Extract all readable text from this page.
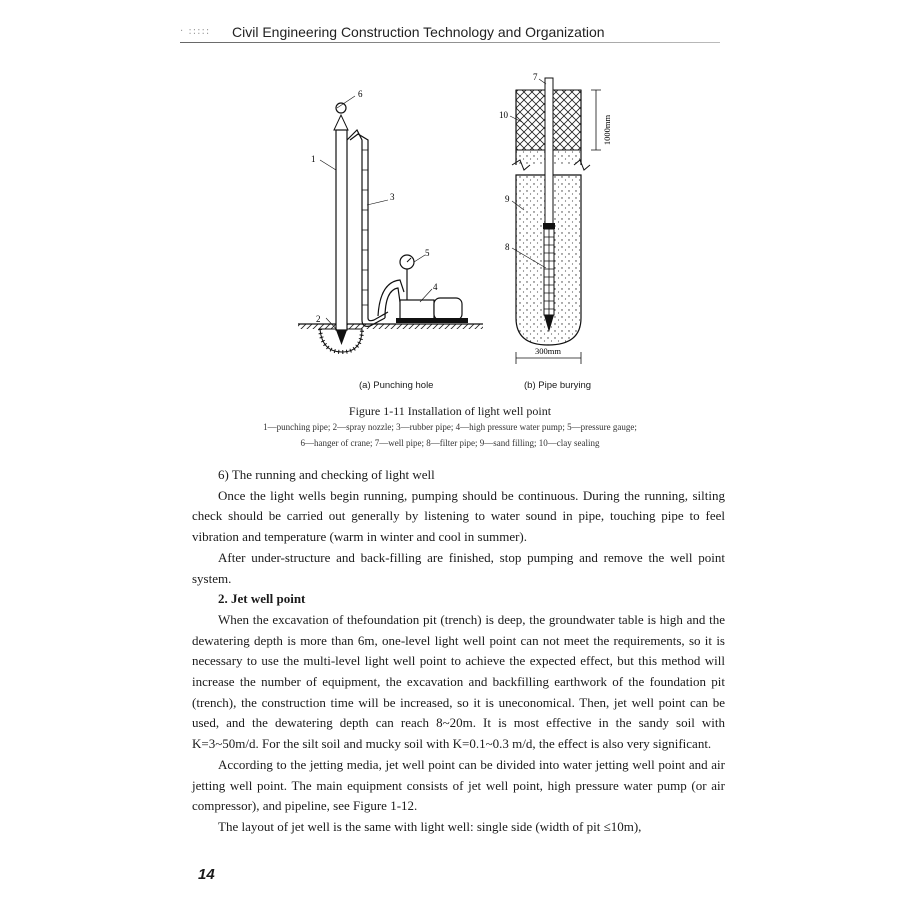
· ::::: Civil Engineering Construction Technology and Organization
1
2
3
4
5
6
1000mm
300mm
7
8
9
10
(a) Punching hole	(b) Pipe burying
Figure 1-11 Installation of light well point
1—punching pipe; 2—spray nozzle; 3—rubber pipe; 4—high pressure water pump; 5—pressure gauge;
6—hanger of crane; 7—well pipe; 8—filter pipe; 9—sand filling; 10—clay sealing

6) The running and checking of light well

Once the light wells begin running, pumping should be continuous. During the running, silting check should be carried out generally by listening to water sound in pipe, touching pipe to feel vibration and temperature (warm in winter and cool in summer).

After under-structure and back-filling are finished, stop pumping and remove the well point system.

2. Jet well point

When the excavation of thefoundation pit (trench) is deep, the groundwater table is high and the dewatering depth is more than 6m, one-level light well point can not meet the requirements, so it is necessary to use the multi-level light well point to achieve the expected effect, but this method will increase the number of equipment, the excavation and backfilling earthwork of the foundation pit (trench), the construction time will be increased, so it is uneconomical. Then, jet well point can be used, and the dewatering depth can reach 8~20m. It is most effective in the sandy soil with K=3~50m/d. For the silt soil and mucky soil with K=0.1~0.3 m/d, the effect is also very significant.

According to the jetting media, jet well point can be divided into water jetting well point and air jetting well point. The main equipment consists of jet well point, high pressure water pump (or air compressor), and pipeline, see Figure 1-12.

The layout of jet well is the same with light well: single side (width of pit ≤10m),

14
